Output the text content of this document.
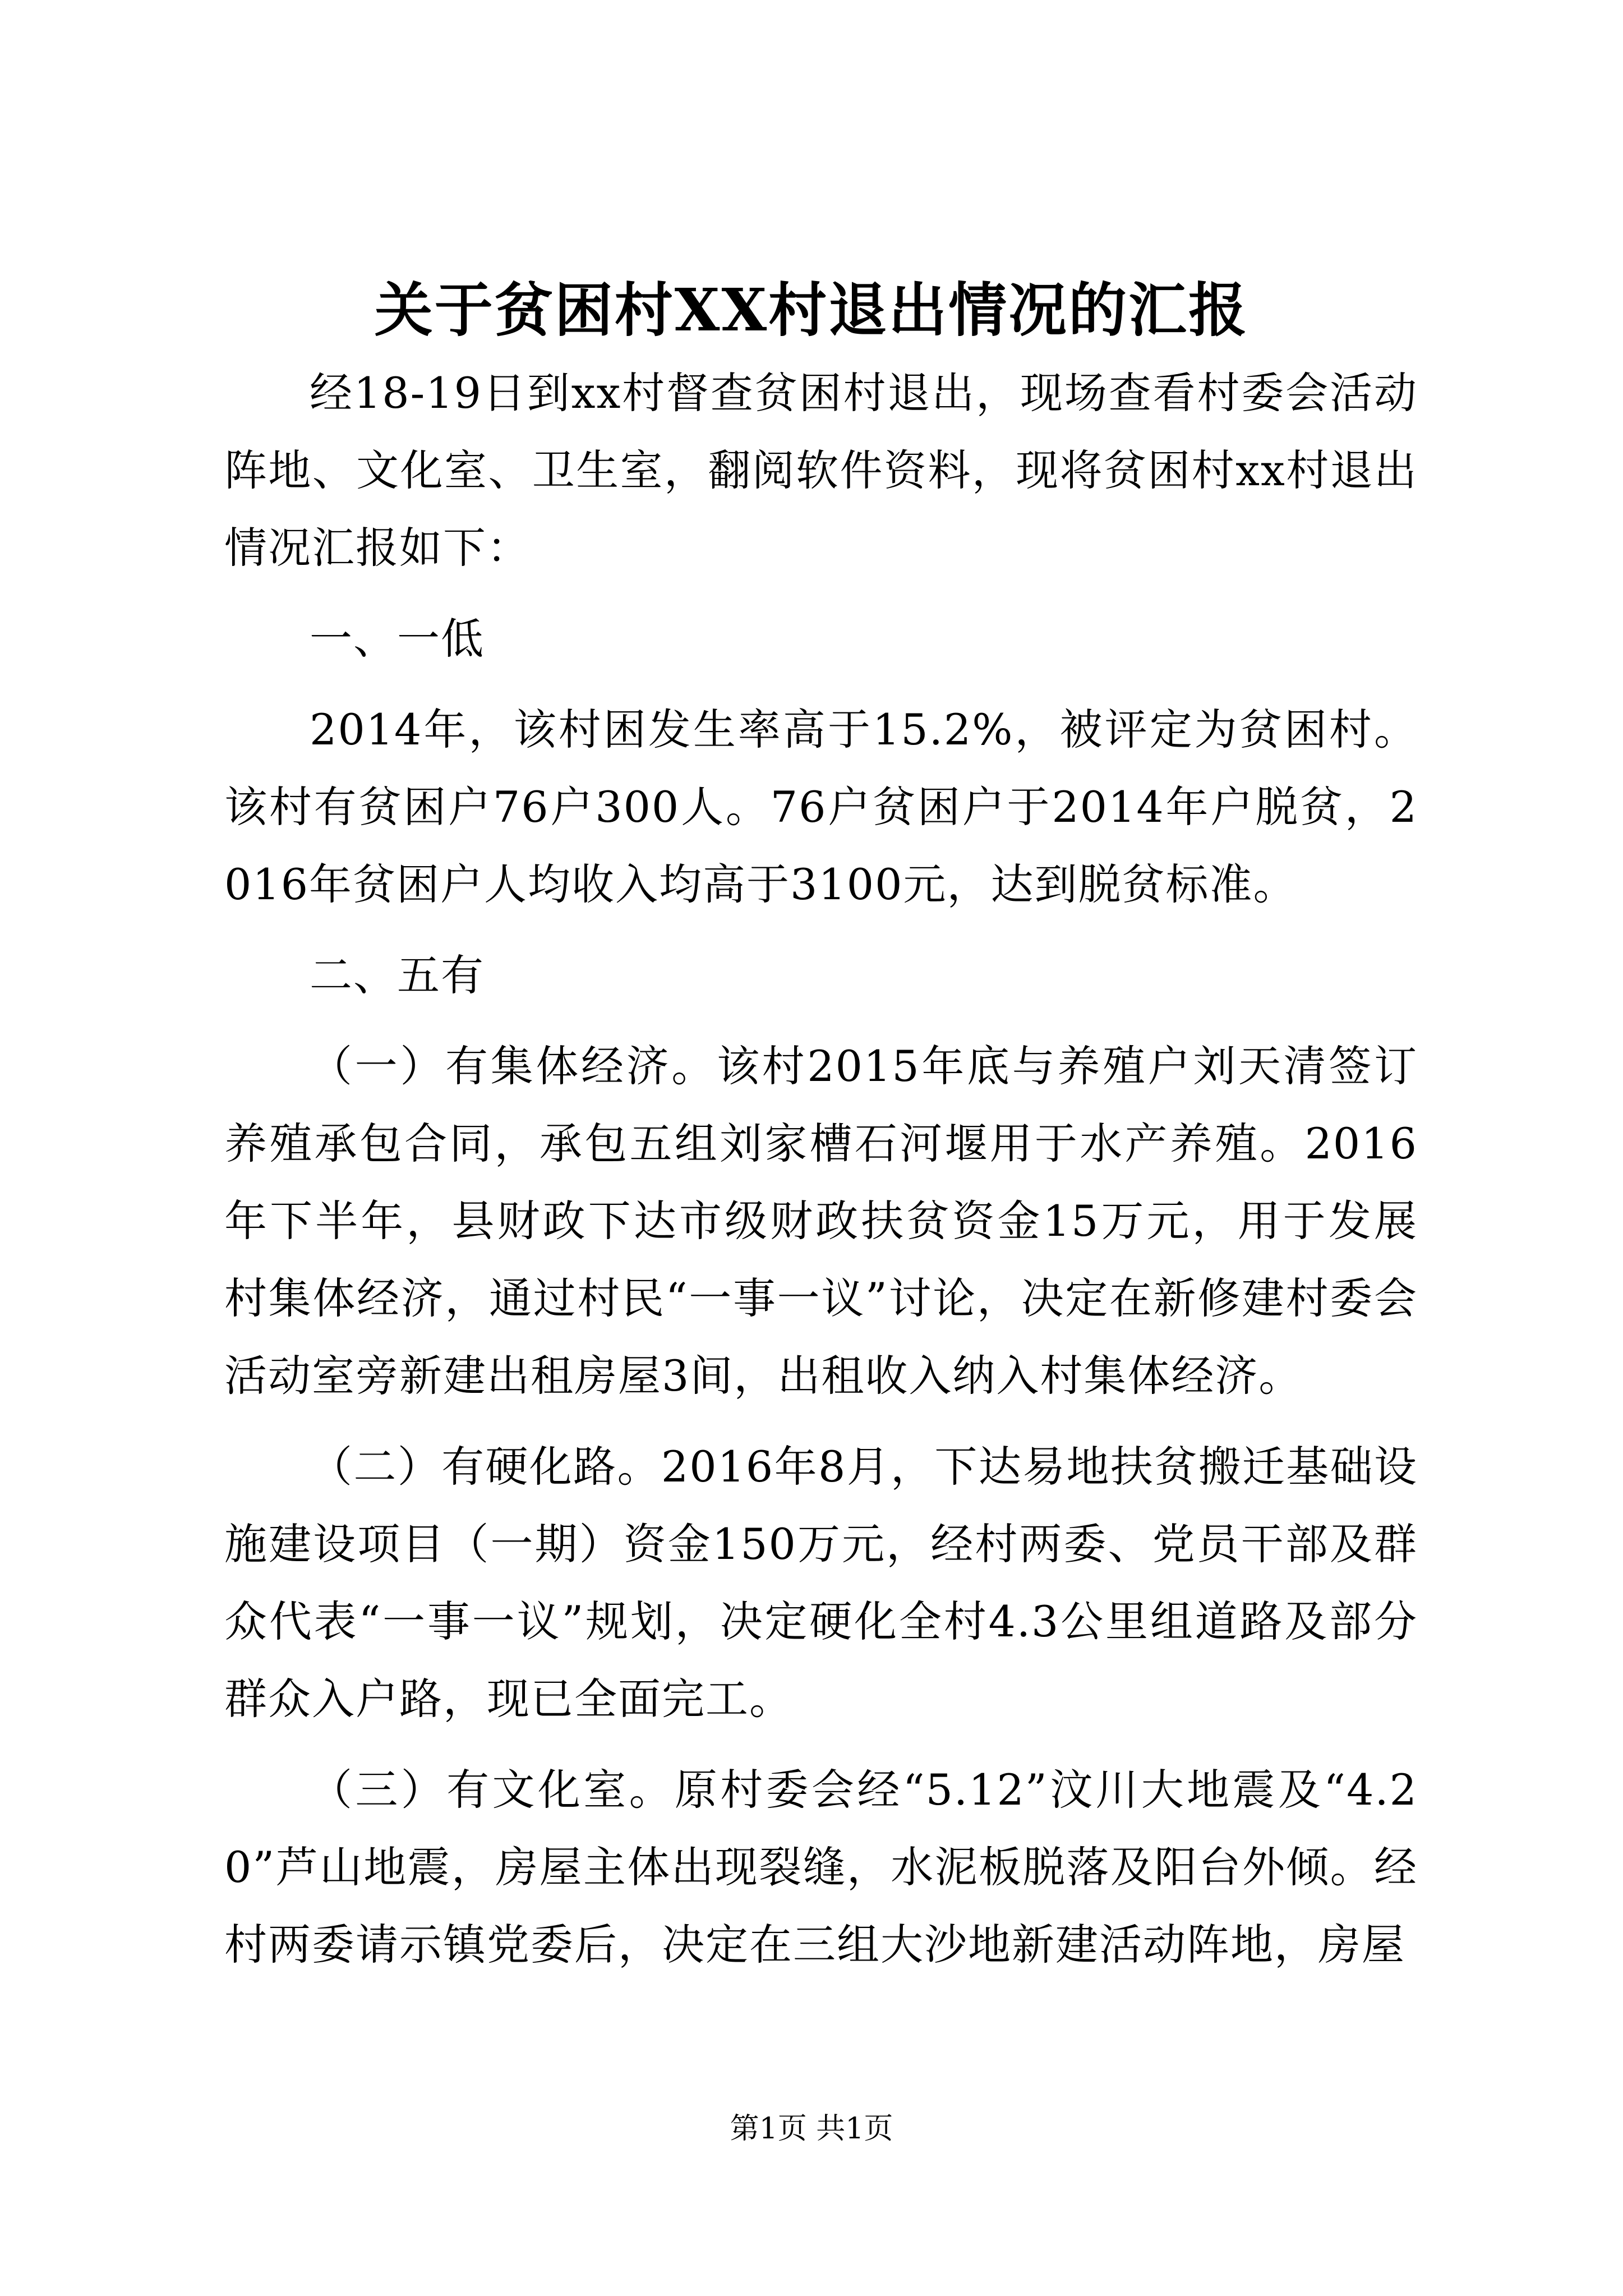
关于贫困村XX村退出情况的汇报

经18-19日到xx村督查贫困村退出，现场查看村委会活动阵地、文化室、卫生室，翻阅软件资料，现将贫困村xx村退出情况汇报如下：

一、一低

2014年，该村困发生率高于15.2%，被评定为贫困村。该村有贫困户76户300人。76户贫困户于2014年户脱贫，2016年贫困户人均收入均高于3100元，达到脱贫标准。

二、五有

（一）有集体经济。该村2015年底与养殖户刘天清签订养殖承包合同，承包五组刘家槽石河堰用于水产养殖。2016年下半年，县财政下达市级财政扶贫资金15万元，用于发展村集体经济，通过村民“一事一议”讨论，决定在新修建村委会活动室旁新建出租房屋3间，出租收入纳入村集体经济。

（二）有硬化路。2016年8月，下达易地扶贫搬迁基础设施建设项目（一期）资金150万元，经村两委、党员干部及群众代表“一事一议”规划，决定硬化全村4.3公里组道路及部分群众入户路，现已全面完工。

（三）有文化室。原村委会经“5.12”汶川大地震及“4.20”芦山地震，房屋主体出现裂缝，水泥板脱落及阳台外倾。经村两委请示镇党委后，决定在三组大沙地新建活动阵地，房屋

第1页 共1页
